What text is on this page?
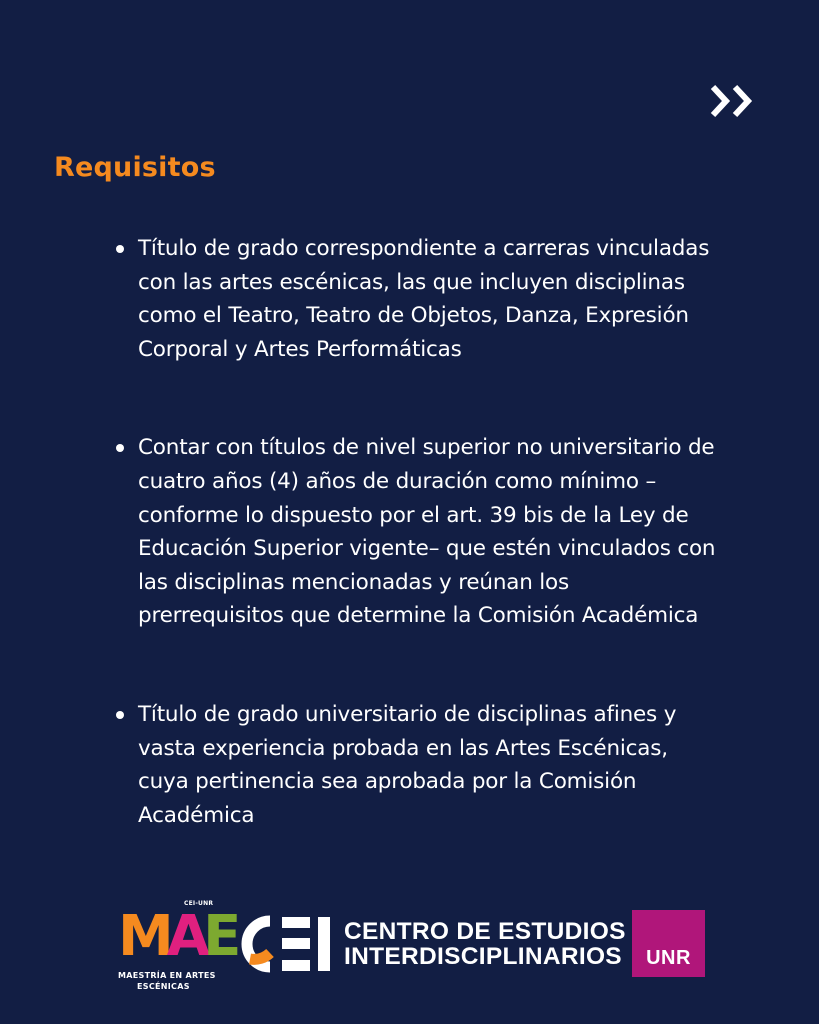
Requisitos
Título de grado correspondiente a carreras vinculadas con las artes escénicas, las que incluyen disciplinas como el Teatro, Teatro de Objetos, Danza, Expresión Corporal y Artes Performáticas
Contar con títulos de nivel superior no universitario de cuatro años (4) años de duración como mínimo –conforme lo dispuesto por el art. 39 bis de la Ley de Educación Superior vigente– que estén vinculados con las disciplinas mencionadas y reúnan los prerrequisitos que determine la Comisión Académica
Título de grado universitario de disciplinas afines y vasta experiencia probada en las Artes Escénicas, cuya pertinencia sea aprobada por la Comisión Académica
CEI-UNR
MAE
MAESTRÍA EN ARTES
ESCÉNICAS
CENTRO DE ESTUDIOS
INTERDISCIPLINARIOS	UNR
